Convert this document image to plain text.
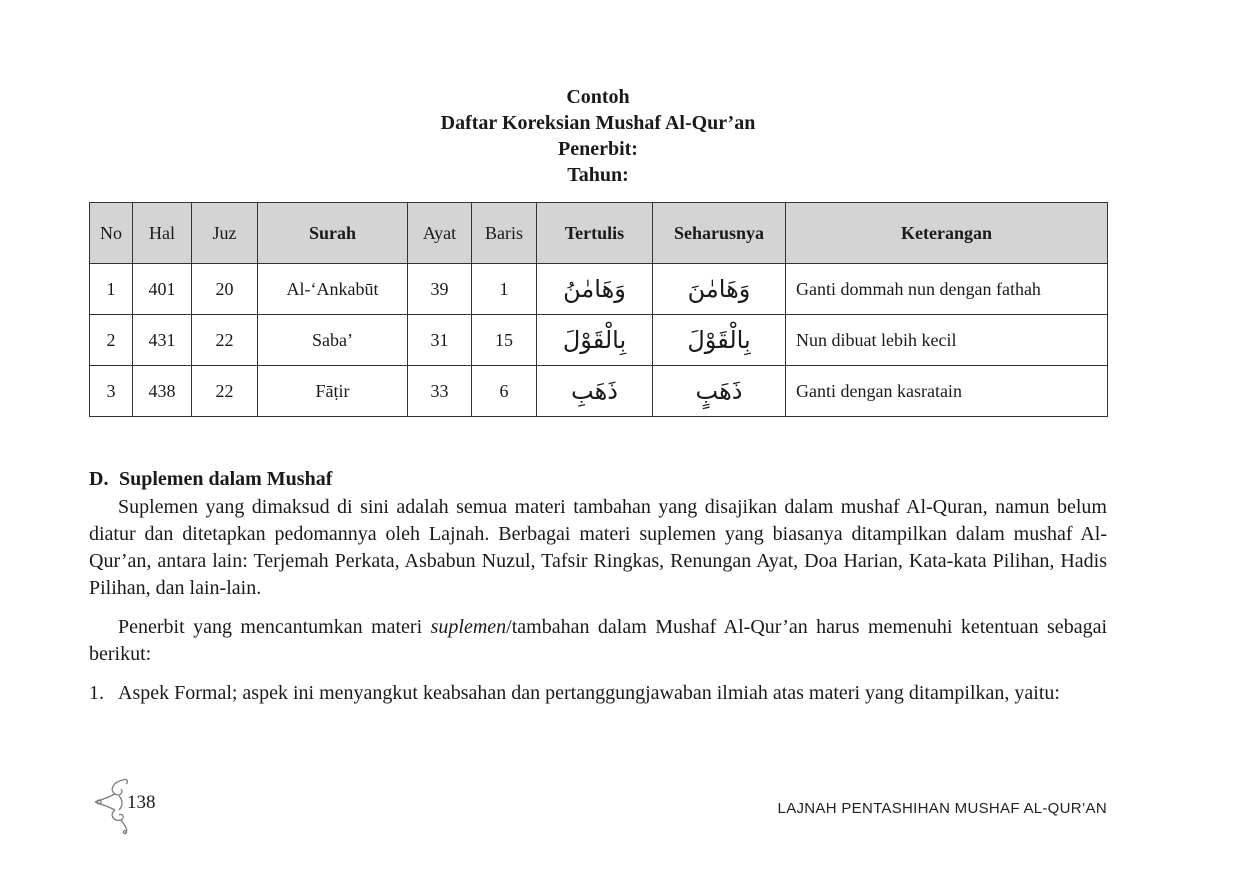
Contoh
Daftar Koreksian Mushaf Al-Qur’an
Penerbit:
Tahun:
No	Hal	Juz	Surah	Ayat	Baris	Tertulis	Seharusnya	Keterangan
1	401	20	Al-‘Ankabūt	39	1	وَهَامٰنُ	وَهَامٰنَ	Ganti dommah nun dengan fathah
2	431	22	Saba’	31	15	بِالْقَوْلَ	بِالْقَوْلَ	Nun dibuat lebih kecil
3	438	22	Fāṭir	33	6	ذَهَبِ	ذَهَبٍ	Ganti dengan kasratain
D. Suplemen dalam Mushaf

Suplemen yang dimaksud di sini adalah semua materi tambahan yang disajikan dalam mushaf Al-Quran, namun belum diatur dan ditetapkan pedomannya oleh Lajnah. Berbagai materi suplemen yang biasanya ditampilkan dalam mushaf Al-Qur’an, antara lain: Terjemah Perkata, Asbabun Nuzul, Tafsir Ringkas, Renungan Ayat, Doa Harian, Kata-kata Pilihan, Hadis Pilihan, dan lain-lain.

Penerbit yang mencantumkan materi suplemen/tambahan dalam Mushaf Al-Qur’an harus memenuhi ketentuan sebagai berikut:

1. Aspek Formal; aspek ini menyangkut keabsahan dan pertanggungjawaban ilmiah atas materi yang ditampilkan, yaitu:
138	LAJNAH PENTASHIHAN MUSHAF AL-QUR’AN
